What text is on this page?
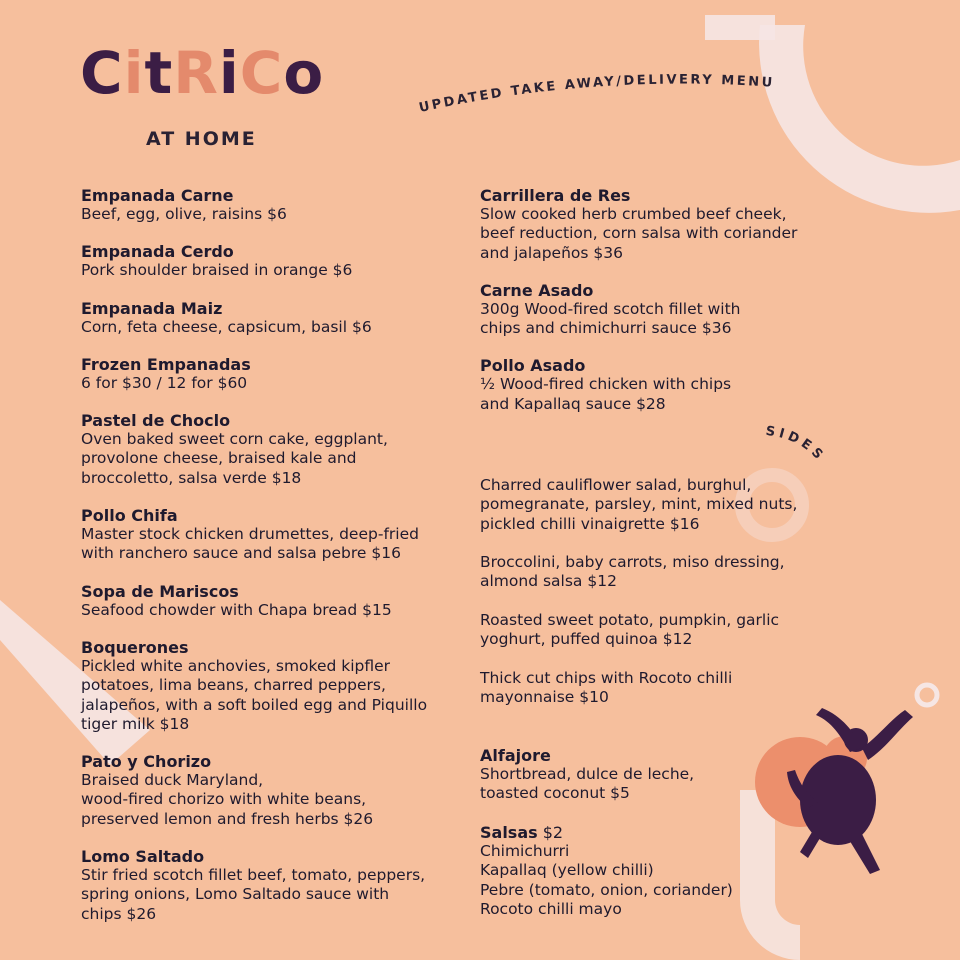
CitRiCo
AT HOME
UPDATED TAKE AWAY/DELIVERY MENU
Empanada Carne
Beef, egg, olive, raisins $6
Empanada Cerdo
Pork shoulder braised in orange $6
Empanada Maiz
Corn, feta cheese, capsicum, basil $6
Frozen Empanadas
6 for $30 / 12 for $60
Pastel de Choclo
Oven baked sweet corn cake, eggplant,
provolone cheese, braised kale and
broccoletto, salsa verde $18
Pollo Chifa
Master stock chicken drumettes, deep-fried
with ranchero sauce and salsa pebre $16
Sopa de Mariscos
Seafood chowder with Chapa bread $15
Boquerones
Pickled white anchovies, smoked kipfler
potatoes, lima beans, charred peppers,
jalapeños, with a soft boiled egg and Piquillo
tiger milk $18
Pato y Chorizo
Braised duck Maryland,
wood-fired chorizo with white beans,
preserved lemon and fresh herbs $26
Lomo Saltado
Stir fried scotch fillet beef, tomato, peppers,
spring onions, Lomo Saltado sauce with
chips $26
Carrillera de Res
Slow cooked herb crumbed beef cheek,
beef reduction, corn salsa with coriander
and jalapeños $36
Carne Asado
300g Wood-fired scotch fillet with
chips and chimichurri sauce $36
Pollo Asado
½ Wood-fired chicken with chips
and Kapallaq sauce $28
SIDES
Charred cauliflower salad, burghul,
pomegranate, parsley, mint, mixed nuts,
pickled chilli vinaigrette $16
Broccolini, baby carrots, miso dressing,
almond salsa $12
Roasted sweet potato, pumpkin, garlic
yoghurt, puffed quinoa $12
Thick cut chips with Rocoto chilli
mayonnaise $10
Alfajore
Shortbread, dulce de leche,
toasted coconut $5
Salsas $2
Chimichurri
Kapallaq (yellow chilli)
Pebre (tomato, onion, coriander)
Rocoto chilli mayo
